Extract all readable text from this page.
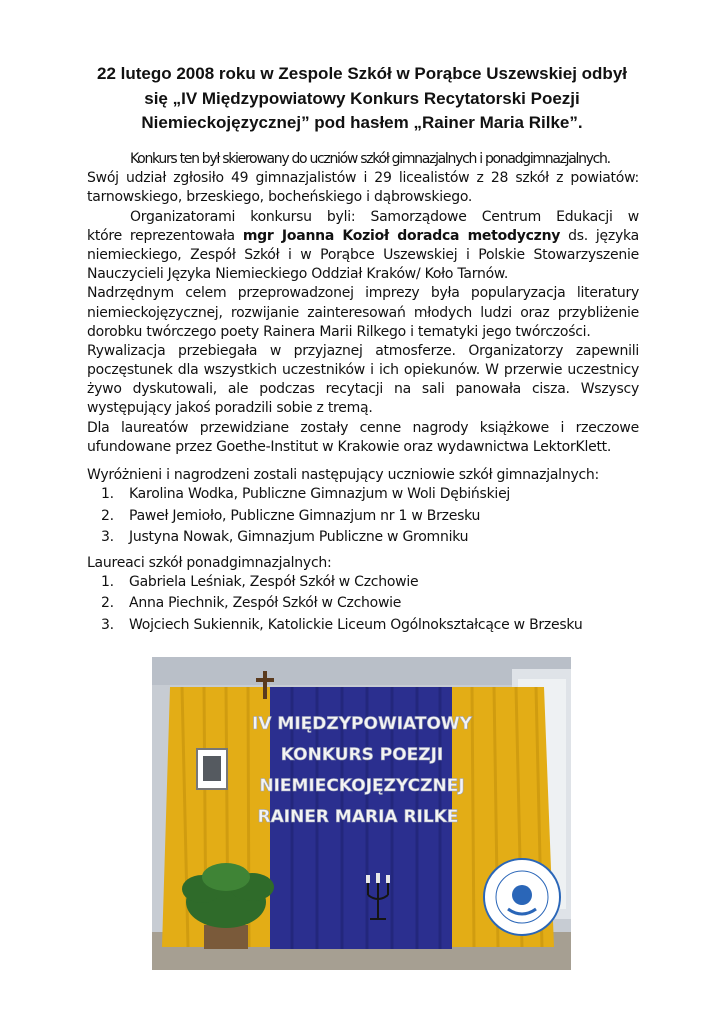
22 lutego 2008 roku w Zespole Szkół w Porąbce Uszewskiej odbył
się „IV Międzypowiatowy Konkurs Recytatorski Poezji
Niemieckojęzycznej” pod hasłem „Rainer Maria Rilke”.
Konkurs ten był skierowany do uczniów szkół gimnazjalnych i ponadgimnazjalnych.
Swój udział zgłosiło 49 gimnazjalistów i 29 licealistów z 28 szkół z powiatów:
tarnowskiego, brzeskiego, bocheńskiego i dąbrowskiego.
Organizatorami konkursu byli: Samorządowe Centrum Edukacji w
które reprezentowała mgr Joanna Kozioł doradca metodyczny ds. języka
niemieckiego, Zespół Szkół i w Porąbce Uszewskiej i Polskie Stowarzyszenie
Nauczycieli Języka Niemieckiego Oddział Kraków/ Koło Tarnów.
Nadrzędnym celem przeprowadzonej imprezy była popularyzacja literatury
niemieckojęzycznej, rozwijanie zainteresowań młodych ludzi oraz przybliżenie
dorobku twórczego poety Rainera Marii Rilkego i tematyki jego twórczości.
Rywalizacja przebiegała w przyjaznej atmosferze. Organizatorzy zapewnili
poczęstunek dla wszystkich uczestników i ich opiekunów. W przerwie uczestnicy
żywo dyskutowali, ale podczas recytacji na sali panowała cisza. Wszyscy
występujący jakoś poradzili sobie z tremą.
Dla laureatów przewidziane zostały cenne nagrody książkowe i rzeczowe
ufundowane przez Goethe-Institut w Krakowie oraz wydawnictwa LektorKlett.
Wyróżnieni i nagrodzeni zostali następujący uczniowie szkół gimnazjalnych:
1. Karolina Wodka, Publiczne Gimnazjum w Woli Dębińskiej
2. Paweł Jemioło, Publiczne Gimnazjum nr 1 w Brzesku
3. Justyna Nowak, Gimnazjum Publiczne w Gromniku
Laureaci szkół ponadgimnazjalnych:
1. Gabriela Leśniak, Zespół Szkół w Czchowie
2. Anna Piechnik, Zespół Szkół w Czchowie
3. Wojciech Sukiennik, Katolickie Liceum Ogólnokształcące w Brzesku
IV MIĘDZYPOWIATOWY
KONKURS POEZJI
NIEMIECKOJĘZYCZNEJ
RAINER MARIA RILKE
